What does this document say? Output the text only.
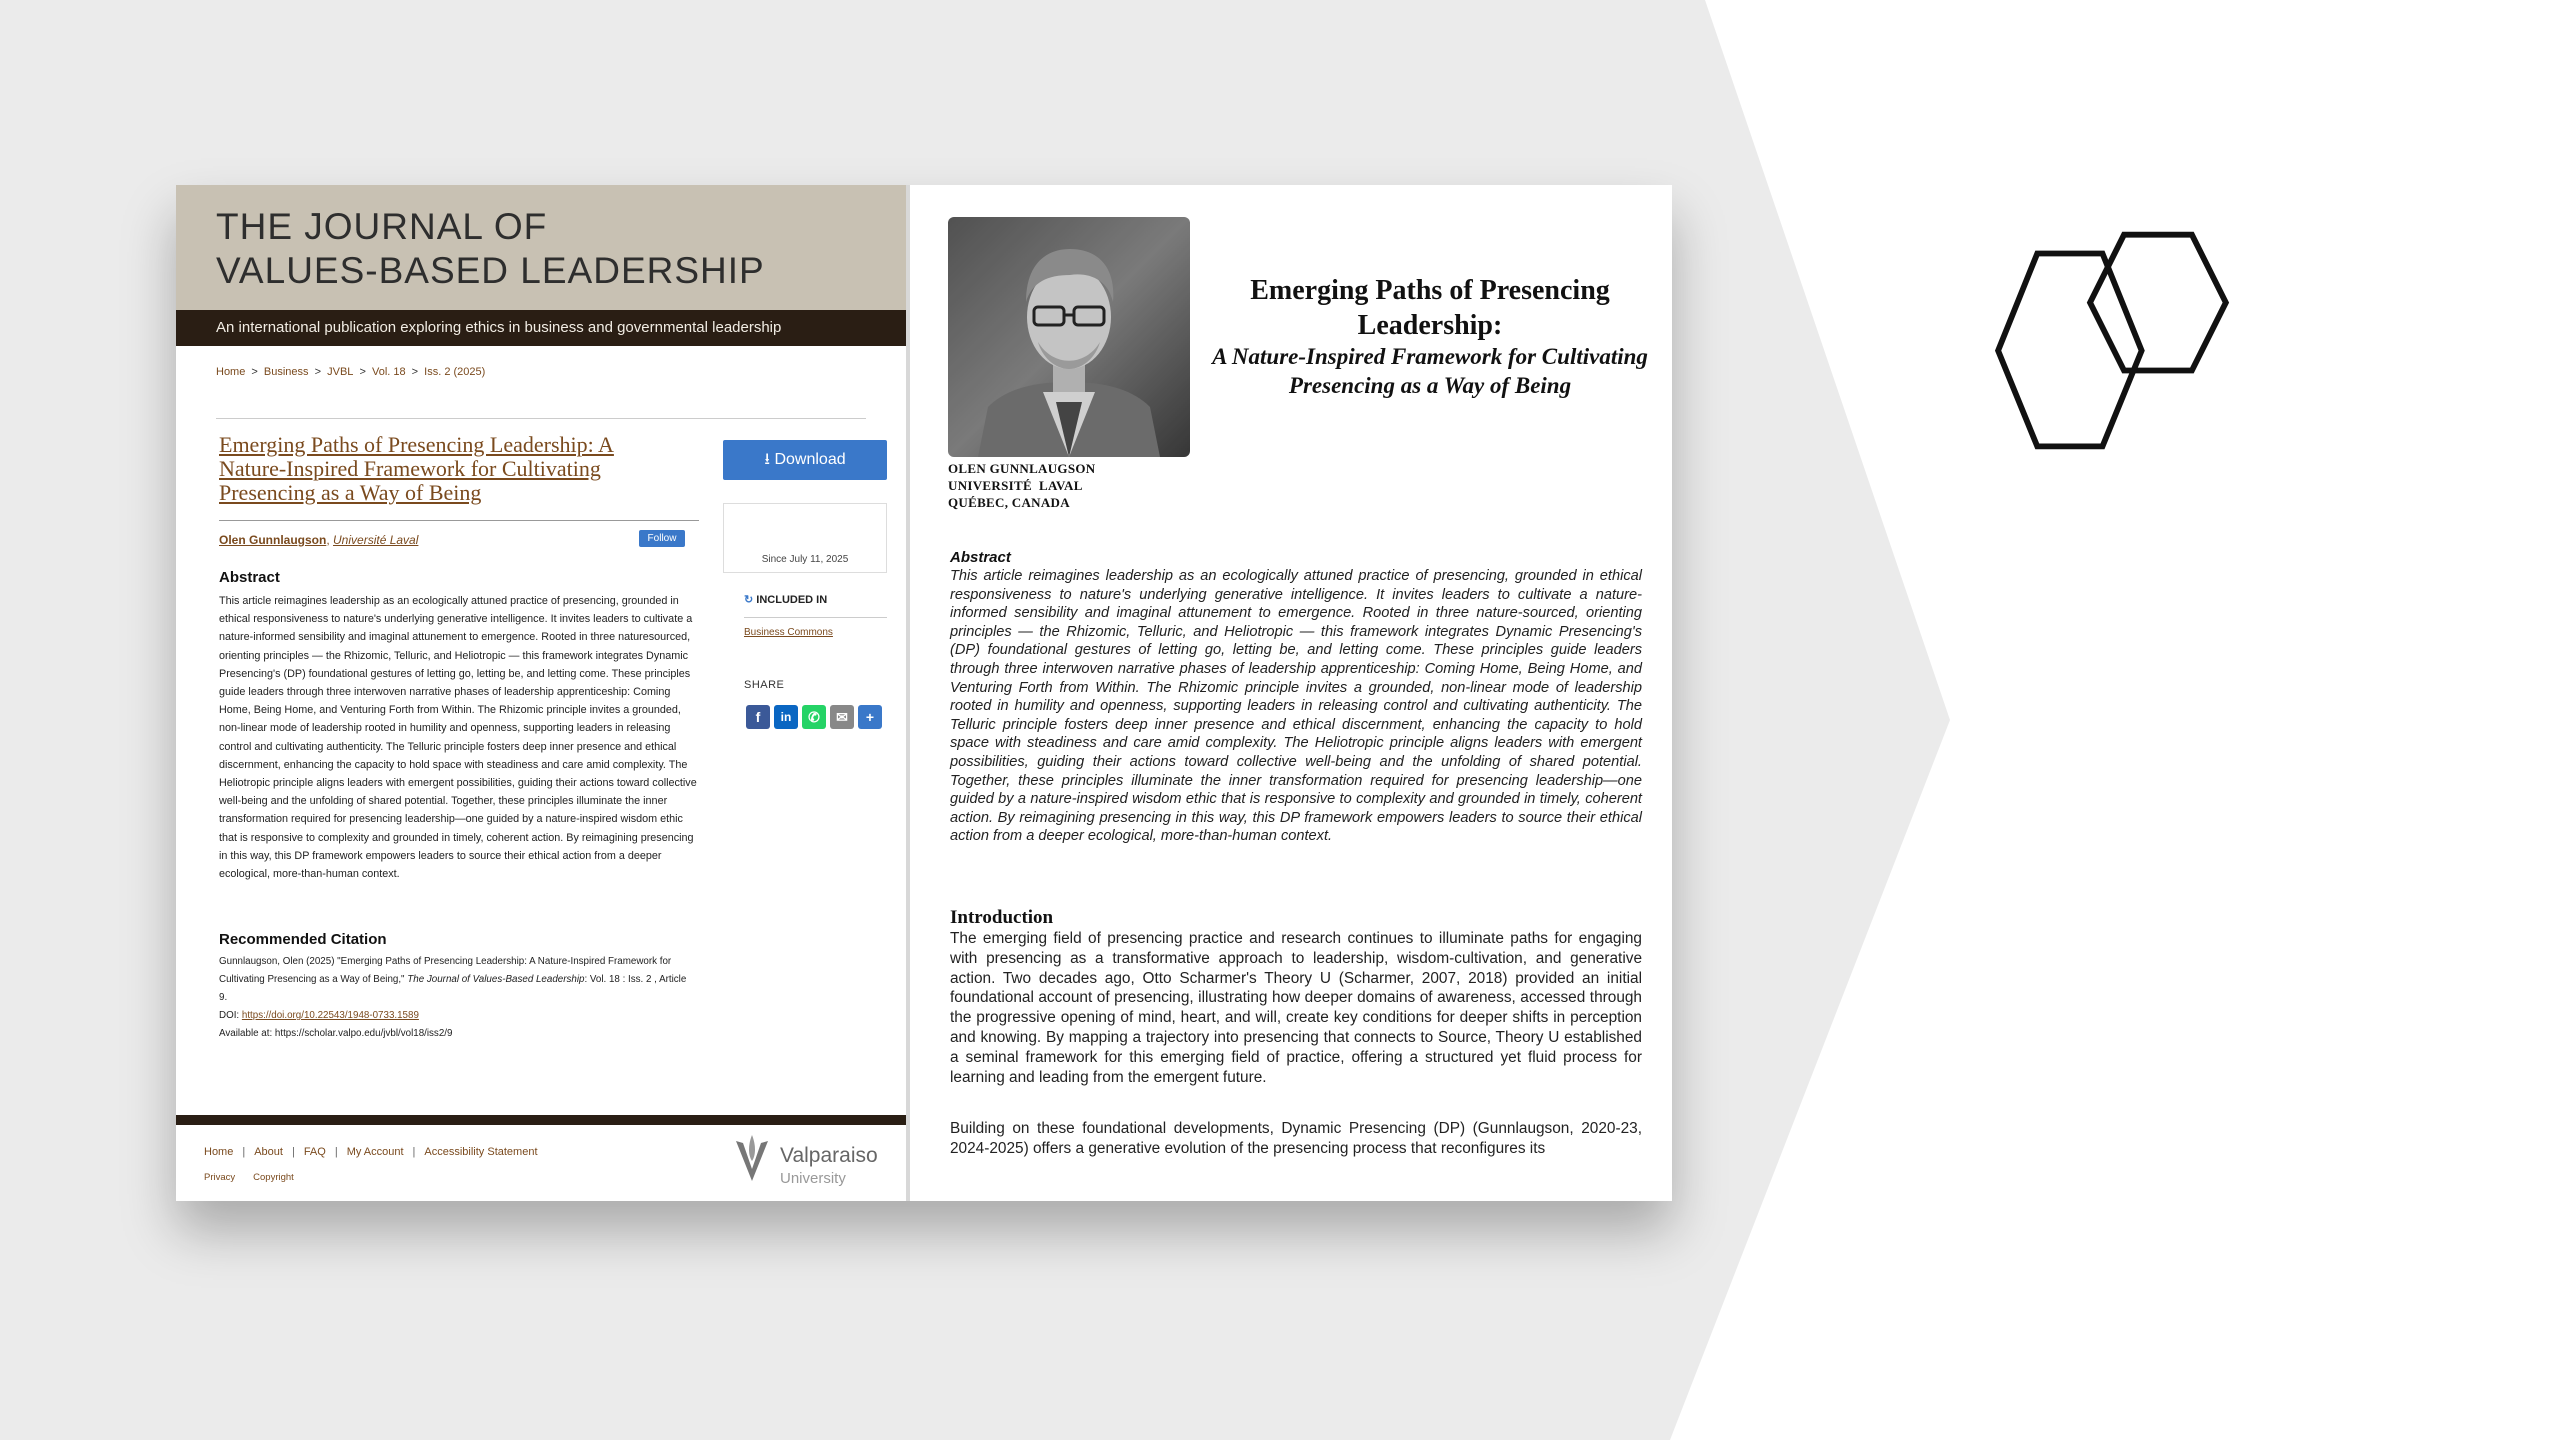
THE JOURNAL OF
VALUES-BASED LEADERSHIP
An international publication exploring ethics in business and governmental leadership
Home > Business > JVBL > Vol. 18 > Iss. 2 (2025)
Emerging Paths of Presencing Leadership: A Nature-Inspired Framework for Cultivating Presencing as a Way of Being
Olen Gunnlaugson, Université Laval	Follow
Abstract
This article reimagines leadership as an ecologically attuned practice of presencing, grounded in ethical responsiveness to nature's underlying generative intelligence. It invites leaders to cultivate a nature-informed sensibility and imaginal attunement to emergence. Rooted in three naturesourced, orienting principles — the Rhizomic, Telluric, and Heliotropic — this framework integrates Dynamic Presencing's (DP) foundational gestures of letting go, letting be, and letting come. These principles guide leaders through three interwoven narrative phases of leadership apprenticeship: Coming Home, Being Home, and Venturing Forth from Within. The Rhizomic principle invites a grounded, non-linear mode of leadership rooted in humility and openness, supporting leaders in releasing control and cultivating authenticity. The Telluric principle fosters deep inner presence and ethical discernment, enhancing the capacity to hold space with steadiness and care amid complexity. The Heliotropic principle aligns leaders with emergent possibilities, guiding their actions toward collective well-being and the unfolding of shared potential. Together, these principles illuminate the inner transformation required for presencing leadership—one guided by a nature-inspired wisdom ethic that is responsive to complexity and grounded in timely, coherent action. By reimagining presencing in this way, this DP framework empowers leaders to source their ethical action from a deeper ecological, more-than-human context.
Recommended Citation
Gunnlaugson, Olen (2025) "Emerging Paths of Presencing Leadership: A Nature-Inspired Framework for Cultivating Presencing as a Way of Being," The Journal of Values-Based Leadership: Vol. 18 : Iss. 2 , Article 9.
DOI: https://doi.org/10.22543/1948-0733.1589
Available at: https://scholar.valpo.edu/jvbl/vol18/iss2/9
⭳ Download
Since July 11, 2025
↻ INCLUDED IN
Business Commons
SHARE
f	in	✆	✉	+
Home | About | FAQ | My Account | Accessibility Statement
Privacy Copyright
Valparaiso
University
OLEN GUNNLAUGSON
UNIVERSITÉ  LAVAL
QUÉBEC, CANADA
Emerging Paths of Presencing Leadership:
A Nature-Inspired Framework for Cultivating Presencing as a Way of Being
Abstract
This article reimagines leadership as an ecologically attuned practice of presencing, grounded in ethical responsiveness to nature's underlying generative intelligence. It invites leaders to cultivate a nature-informed sensibility and imaginal attunement to emergence. Rooted in three nature-sourced, orienting principles — the Rhizomic, Telluric, and Heliotropic — this framework integrates Dynamic Presencing's (DP) foundational gestures of letting go, letting be, and letting come. These principles guide leaders through three interwoven narrative phases of leadership apprenticeship: Coming Home, Being Home, and Venturing Forth from Within. The Rhizomic principle invites a grounded, non-linear mode of leadership rooted in humility and openness, supporting leaders in releasing control and cultivating authenticity. The Telluric principle fosters deep inner presence and ethical discernment, enhancing the capacity to hold space with steadiness and care amid complexity. The Heliotropic principle aligns leaders with emergent possibilities, guiding their actions toward collective well-being and the unfolding of shared potential. Together, these principles illuminate the inner transformation required for presencing leadership—one guided by a nature-inspired wisdom ethic that is responsive to complexity and grounded in timely, coherent action. By reimagining presencing in this way, this DP framework empowers leaders to source their ethical action from a deeper ecological, more-than-human context.
Introduction
The emerging field of presencing practice and research continues to illuminate paths for engaging with presencing as a transformative approach to leadership, wisdom-cultivation, and generative action. Two decades ago, Otto Scharmer's Theory U (Scharmer, 2007, 2018) provided an initial foundational account of presencing, illustrating how deeper domains of awareness, accessed through the progressive opening of mind, heart, and will, create key conditions for deeper shifts in perception and knowing. By mapping a trajectory into presencing that connects to Source, Theory U established a seminal framework for this emerging field of practice, offering a structured yet fluid process for learning and leading from the emergent future.
Building on these foundational developments, Dynamic Presencing (DP) (Gunnlaugson, 2020-23, 2024-2025) offers a generative evolution of the presencing process that reconfigures its
